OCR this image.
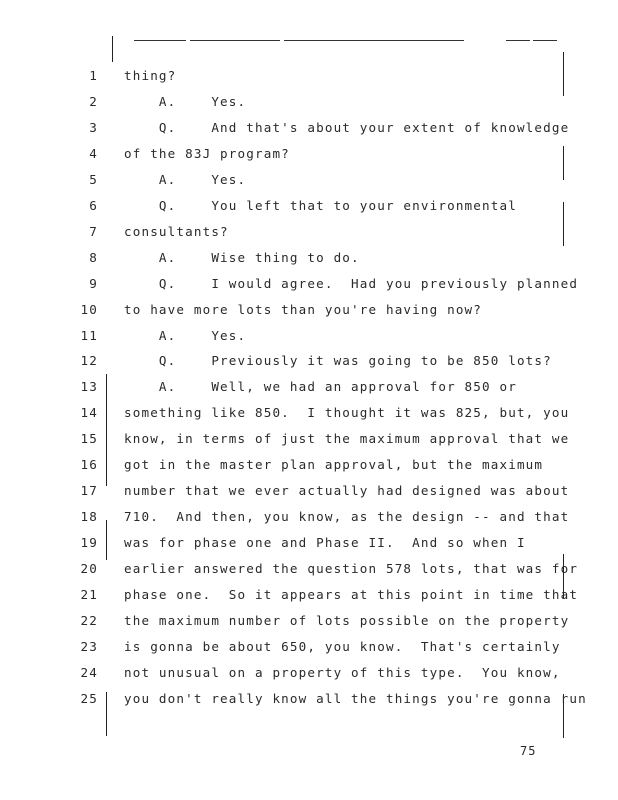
1 thing?
2 A.    Yes.
3 Q.    And that's about your extent of knowledge
4 of the 83J program?
5 A.    Yes.
6 Q.    You left that to your environmental
7 consultants?
8 A.    Wise thing to do.
9 Q.    I would agree.  Had you previously planned
10 to have more lots than you're having now?
11 A.    Yes.
12 Q.    Previously it was going to be 850 lots?
13 A.    Well, we had an approval for 850 or
14 something like 850.  I thought it was 825, but, you
15 know, in terms of just the maximum approval that we
16 got in the master plan approval, but the maximum
17 number that we ever actually had designed was about
18 710.  And then, you know, as the design -- and that
19 was for phase one and Phase II.  And so when I
20 earlier answered the question 578 lots, that was for
21 phase one.  So it appears at this point in time that
22 the maximum number of lots possible on the property
23 is gonna be about 650, you know.  That's certainly
24 not unusual on a property of this type.  You know,
25 you don't really know all the things you're gonna run
75
